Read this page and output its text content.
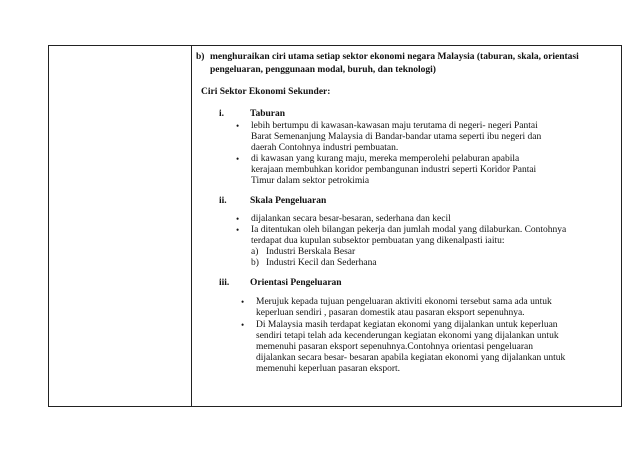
b) menghuraikan ciri utama setiap sektor ekonomi negara Malaysia (taburan, skala, orientasi
pengeluaran, penggunaan modal, buruh, dan teknologi)
Ciri Sektor Ekonomi Sekunder:
i.	Taburan
• lebih bertumpu di kawasan-kawasan maju terutama di negeri- negeri Pantai
Barat Semenanjung Malaysia di Bandar-bandar utama seperti ibu negeri dan
daerah Contohnya industri pembuatan.
• di kawasan yang kurang maju, mereka memperolehi pelaburan apabila
kerajaan membuhkan koridor pembangunan industri seperti Koridor Pantai
Timur dalam sektor petrokimia
ii. Skala Pengeluaran
• dijalankan secara besar-besaran, sederhana dan kecil
• Ia ditentukan oleh bilangan pekerja dan jumlah modal yang dilaburkan. Contohnya
terdapat dua kupulan subsektor pembuatan yang dikenalpasti iaitu:
a) Industri Berskala Besar
b) Industri Kecil dan Sederhana
iii. Orientasi Pengeluaran
• Merujuk kepada tujuan pengeluaran aktiviti ekonomi tersebut sama ada untuk
keperluan sendiri , pasaran domestik atau pasaran eksport sepenuhnya.
• Di Malaysia masih terdapat kegiatan ekonomi yang dijalankan untuk keperluan
sendiri tetapi telah ada kecenderungan kegiatan ekonomi yang dijalankan untuk
memenuhi pasaran eksport sepenuhnya.Contohnya orientasi pengeluaran
dijalankan secara besar- besaran apabila kegiatan ekonomi yang dijalankan untuk
memenuhi keperluan pasaran eksport.
